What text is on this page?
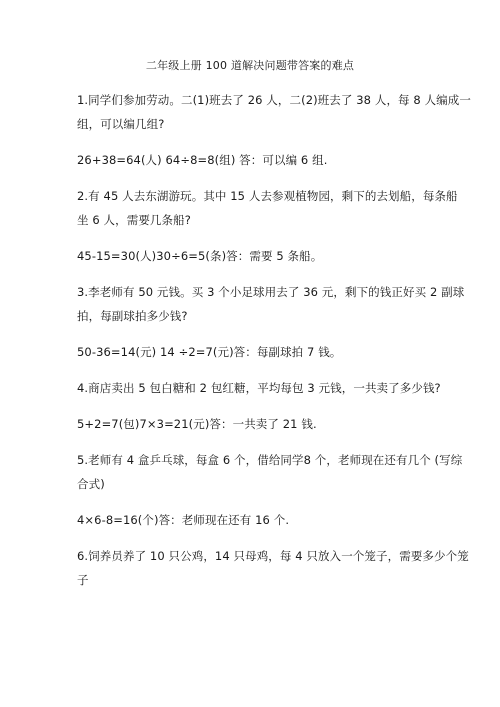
二年级上册 100 道解决问题带答案的难点
1.同学们参加劳动。二(1)班去了 26 人，二(2)班去了 38 人，每 8 人编成一
组，可以编几组?
26+38=64(人) 64÷8=8(组) 答：可以编 6 组.
2.有 45 人去东湖游玩。其中 15 人去参观植物园，剩下的去划船，每条船
坐 6 人，需要几条船?
45-15=30(人)30÷6=5(条)答：需要 5 条船。
3.李老师有 50 元钱。买 3 个小足球用去了 36 元，剩下的钱正好买 2 副球
拍，每副球拍多少钱?
50-36=14(元) 14 ÷2=7(元)答：每副球拍 7 钱。
4.商店卖出 5 包白糖和 2 包红糖，平均每包 3 元钱，一共卖了多少钱?
5+2=7(包)7×3=21(元)答：一共卖了 21 钱.
5.老师有 4 盒乒乓球，每盒 6 个，借给同学8 个，老师现在还有几个 (写综
合式)
4×6-8=16(个)答：老师现在还有 16 个.
6.饲养员养了 10 只公鸡，14 只母鸡，每 4 只放入一个笼子，需要多少个笼
子
